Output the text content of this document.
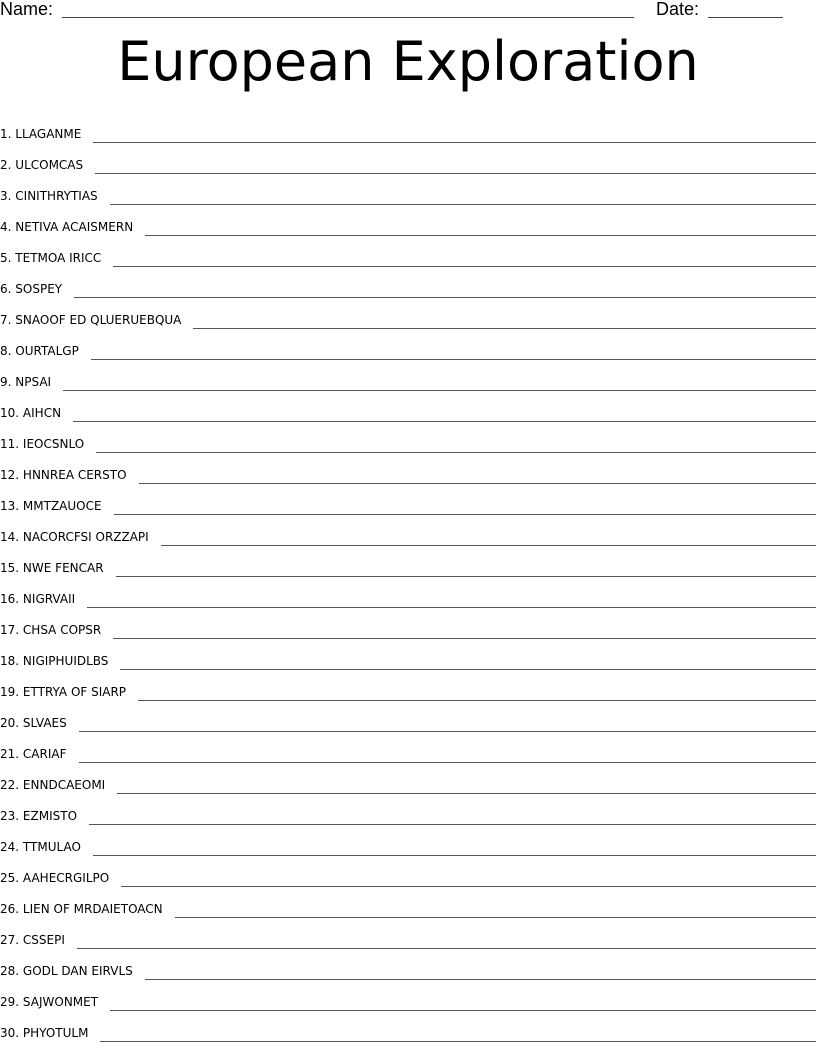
Name:	Date:
European Exploration
1. LLAGANME
2. ULCOMCAS
3. CINITHRYTIAS
4. NETIVA ACAISMERN
5. TETMOA IRICC
6. SOSPEY
7. SNAOOF ED QLUERUEBQUA
8. OURTALGP
9. NPSAI
10. AIHCN
11. IEOCSNLO
12. HNNREA CERSTO
13. MMTZAUOCE
14. NACORCFSI ORZZAPI
15. NWE FENCAR
16. NIGRVAII
17. CHSA COPSR
18. NIGIPHUIDLBS
19. ETTRYA OF SIARP
20. SLVAES
21. CARIAF
22. ENNDCAEOMI
23. EZMISTO
24. TTMULAO
25. AAHECRGILPO
26. LIEN OF MRDAIETOACN
27. CSSEPI
28. GODL DAN EIRVLS
29. SAJWONMET
30. PHYOTULM
